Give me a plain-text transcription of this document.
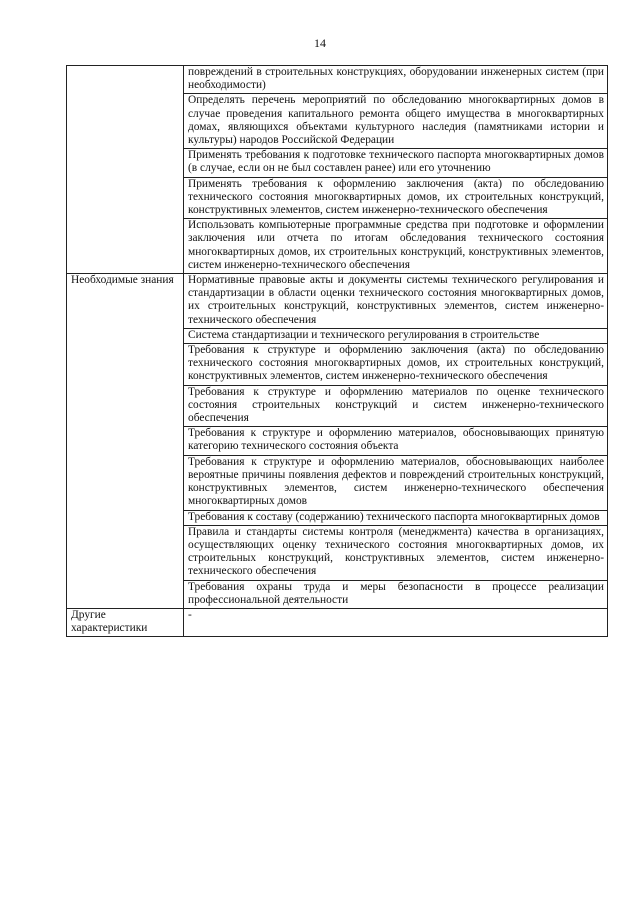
14
	повреждений в строительных конструкциях, оборудовании инженерных систем (при необходимости)
	Определять перечень мероприятий по обследованию многоквартирных домов в случае проведения капитального ремонта общего имущества в многоквартирных домах, являющихся объектами культурного наследия (памятниками истории и культуры) народов Российской Федерации
	Применять требования к подготовке технического паспорта многоквартирных домов (в случае, если он не был составлен ранее) или его уточнению
	Применять требования к оформлению заключения (акта) по обследованию технического состояния многоквартирных домов, их строительных конструкций, конструктивных элементов, систем инженерно-технического обеспечения
	Использовать компьютерные программные средства при подготовке и оформлении заключения или отчета по итогам обследования технического состояния многоквартирных домов, их строительных конструкций, конструктивных элементов, систем инженерно-технического обеспечения
Необходимые знания	Нормативные правовые акты и документы системы технического регулирования и стандартизации в области оценки технического состояния многоквартирных домов, их строительных конструкций, конструктивных элементов, систем инженерно-технического обеспечения
	Система стандартизации и технического регулирования в строительстве
	Требования к структуре и оформлению заключения (акта) по обследованию технического состояния многоквартирных домов, их строительных конструкций, конструктивных элементов, систем инженерно-технического обеспечения
	Требования к структуре и оформлению материалов по оценке технического состояния строительных конструкций и систем инженерно-технического обеспечения
	Требования к структуре и оформлению материалов, обосновывающих принятую категорию технического состояния объекта
	Требования к структуре и оформлению материалов, обосновывающих наиболее вероятные причины появления дефектов и повреждений строительных конструкций, конструктивных элементов, систем инженерно-технического обеспечения многоквартирных домов
	Требования к составу (содержанию) технического паспорта многоквартирных домов
	Правила и стандарты системы контроля (менеджмента) качества в организациях, осуществляющих оценку технического состояния многоквартирных домов, их строительных конструкций, конструктивных элементов, систем инженерно-технического обеспечения
	Требования охраны труда и меры безопасности в процессе реализации профессиональной деятельности
Другие характеристики	-
